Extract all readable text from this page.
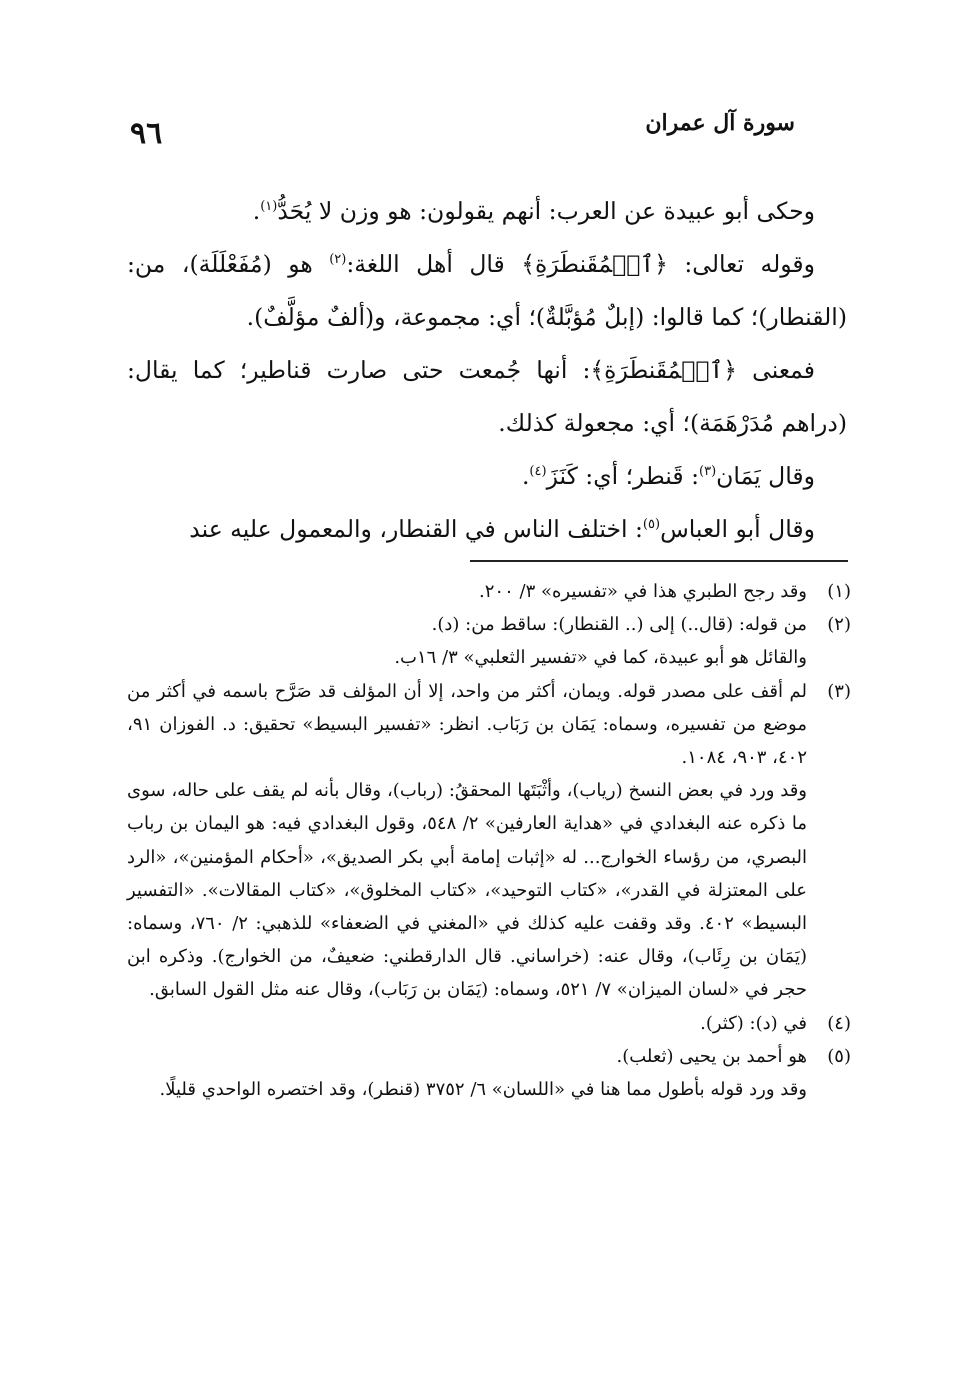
سورة آل عمران
٩٦

وحكى أبو عبيدة عن العرب: أنهم يقولون: هو وزن لا يُحَدُّ$^{(١)}$.

وقوله تعالى: ﴿ٱلۡمُقَنطَرَةِ﴾ قال أهل اللغة:$^{(٢)}$ هو (مُفَعْلَلَة)، من: (القنطار)؛ كما قالوا: (إبلٌ مُؤبَّلةٌ)؛ أي: مجموعة، و(ألفٌ مؤلَّفٌ).

فمعنى ﴿ٱلۡمُقَنطَرَةِ﴾: أنها جُمعت حتى صارت قناطير؛ كما يقال: (دراهم مُدَرْهَمَة)؛ أي: مجعولة كذلك.

وقال يَمَان$^{(٣)}$: قَنطر؛ أي: كَنَزَ$^{(٤)}$.

وقال أبو العباس$^{(٥)}$: اختلف الناس في القنطار، والمعمول عليه عند

(١)

وقد رجح الطبري هذا في «تفسيره» ٣/ ٢٠٠.

(٢)

من قوله: (قال..) إلى (.. القنطار): ساقط من: (د).

والقائل هو أبو عبيدة، كما في «تفسير الثعلبي» ٣/ ١٦ب.

(٣)

لم أقف على مصدر قوله. ويمان، أكثر من واحد، إلا أن المؤلف قد صَرَّح باسمه في أكثر من موضع من تفسيره، وسماه: يَمَان بن رَبَاب. انظر: «تفسير البسيط» تحقيق: د. الفوزان ٩١، ٤٠٢، ٩٠٣، ١٠٨٤.

وقد ورد في بعض النسخ (رياب)، وأثْبَتَها المحققُ: (رباب)، وقال بأنه لم يقف على حاله، سوى ما ذكره عنه البغدادي في «هداية العارفين» ٢/ ٥٤٨، وقول البغدادي فيه: هو اليمان بن رباب البصري، من رؤساء الخوارج... له «إثبات إمامة أبي بكر الصديق»، «أحكام المؤمنين»، «الرد على المعتزلة في القدر»، «كتاب التوحيد»، «كتاب المخلوق»، «كتاب المقالات». «التفسير البسيط» ٤٠٢. وقد وقفت عليه كذلك في «المغني في الضعفاء» للذهبي: ٢/ ٧٦٠، وسماه: (يَمَان بن رِئَاب)، وقال عنه: (خراساني. قال الدارقطني: ضعيفٌ، من الخوارج). وذكره ابن حجر في «لسان الميزان» ٧/ ٥٢١، وسماه: (يَمَان بن رَبَاب)، وقال عنه مثل القول السابق.

(٤)

في (د): (كثر).

(٥)

هو أحمد بن يحيى (ثعلب).

وقد ورد قوله بأطول مما هنا في «اللسان» ٦/ ٣٧٥٢ (قنطر)، وقد اختصره الواحدي قليلًا.
